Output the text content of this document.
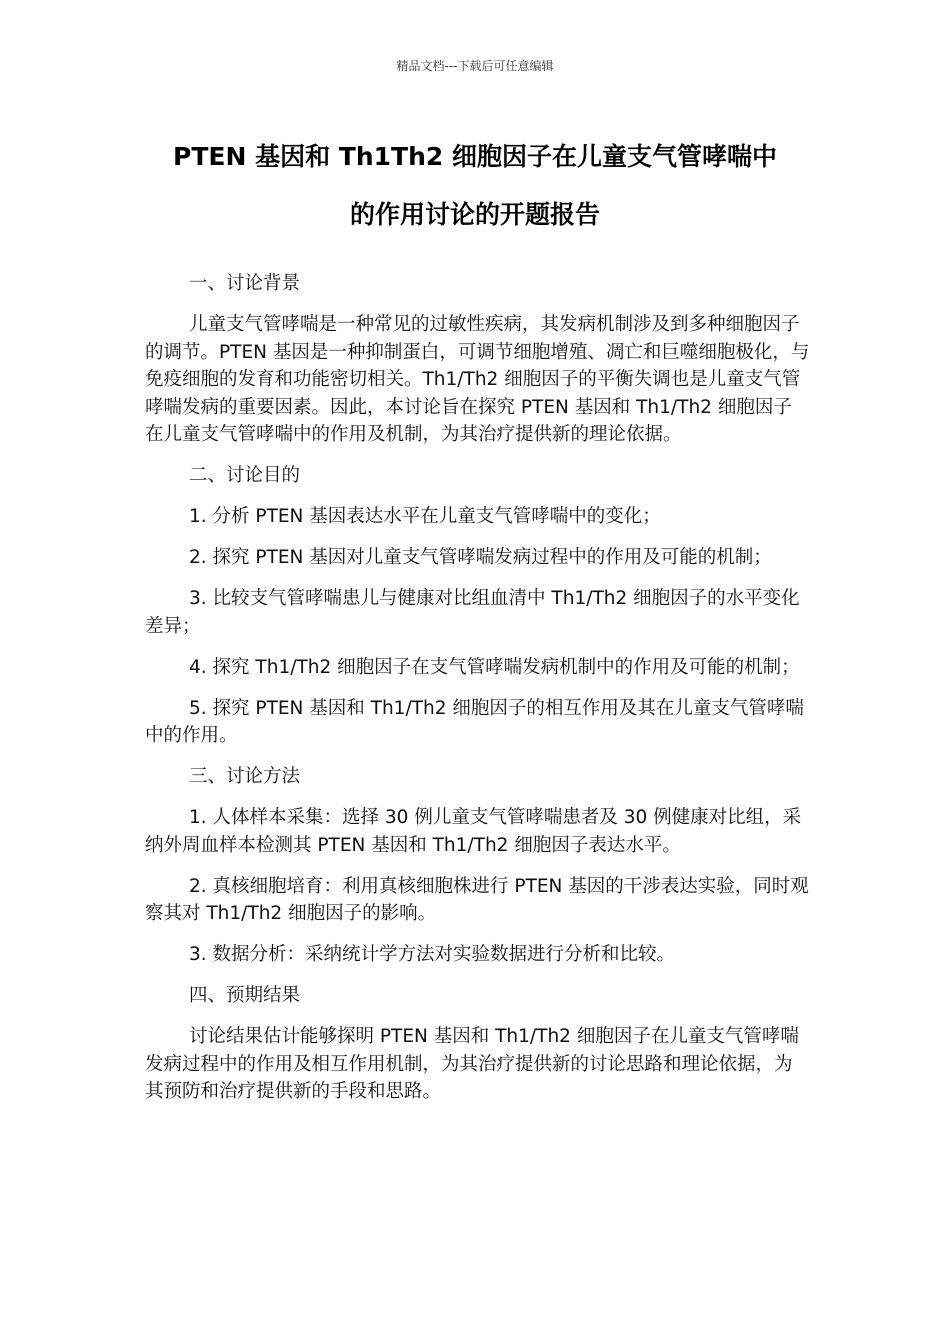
精品文档---下载后可任意编辑
PTEN 基因和 Th1Th2 细胞因子在儿童支气管哮喘中
的作用讨论的开题报告

一、讨论背景

儿童支气管哮喘是一种常见的过敏性疾病，其发病机制涉及到多种细胞因子的调节。PTEN 基因是一种抑制蛋白，可调节细胞增殖、凋亡和巨噬细胞极化，与免疫细胞的发育和功能密切相关。Th1/Th2 细胞因子的平衡失调也是儿童支气管哮喘发病的重要因素。因此，本讨论旨在探究 PTEN 基因和 Th1/Th2 细胞因子在儿童支气管哮喘中的作用及机制，为其治疗提供新的理论依据。

二、讨论目的

1. 分析 PTEN 基因表达水平在儿童支气管哮喘中的变化；

2. 探究 PTEN 基因对儿童支气管哮喘发病过程中的作用及可能的机制；

3. 比较支气管哮喘患儿与健康对比组血清中 Th1/Th2 细胞因子的水平变化差异；

4. 探究 Th1/Th2 细胞因子在支气管哮喘发病机制中的作用及可能的机制；

5. 探究 PTEN 基因和 Th1/Th2 细胞因子的相互作用及其在儿童支气管哮喘中的作用。

三、讨论方法

1. 人体样本采集：选择 30 例儿童支气管哮喘患者及 30 例健康对比组，采纳外周血样本检测其 PTEN 基因和 Th1/Th2 细胞因子表达水平。

2. 真核细胞培育：利用真核细胞株进行 PTEN 基因的干涉表达实验，同时观察其对 Th1/Th2 细胞因子的影响。

3. 数据分析：采纳统计学方法对实验数据进行分析和比较。

四、预期结果

讨论结果估计能够探明 PTEN 基因和 Th1/Th2 细胞因子在儿童支气管哮喘发病过程中的作用及相互作用机制，为其治疗提供新的讨论思路和理论依据，为其预防和治疗提供新的手段和思路。
